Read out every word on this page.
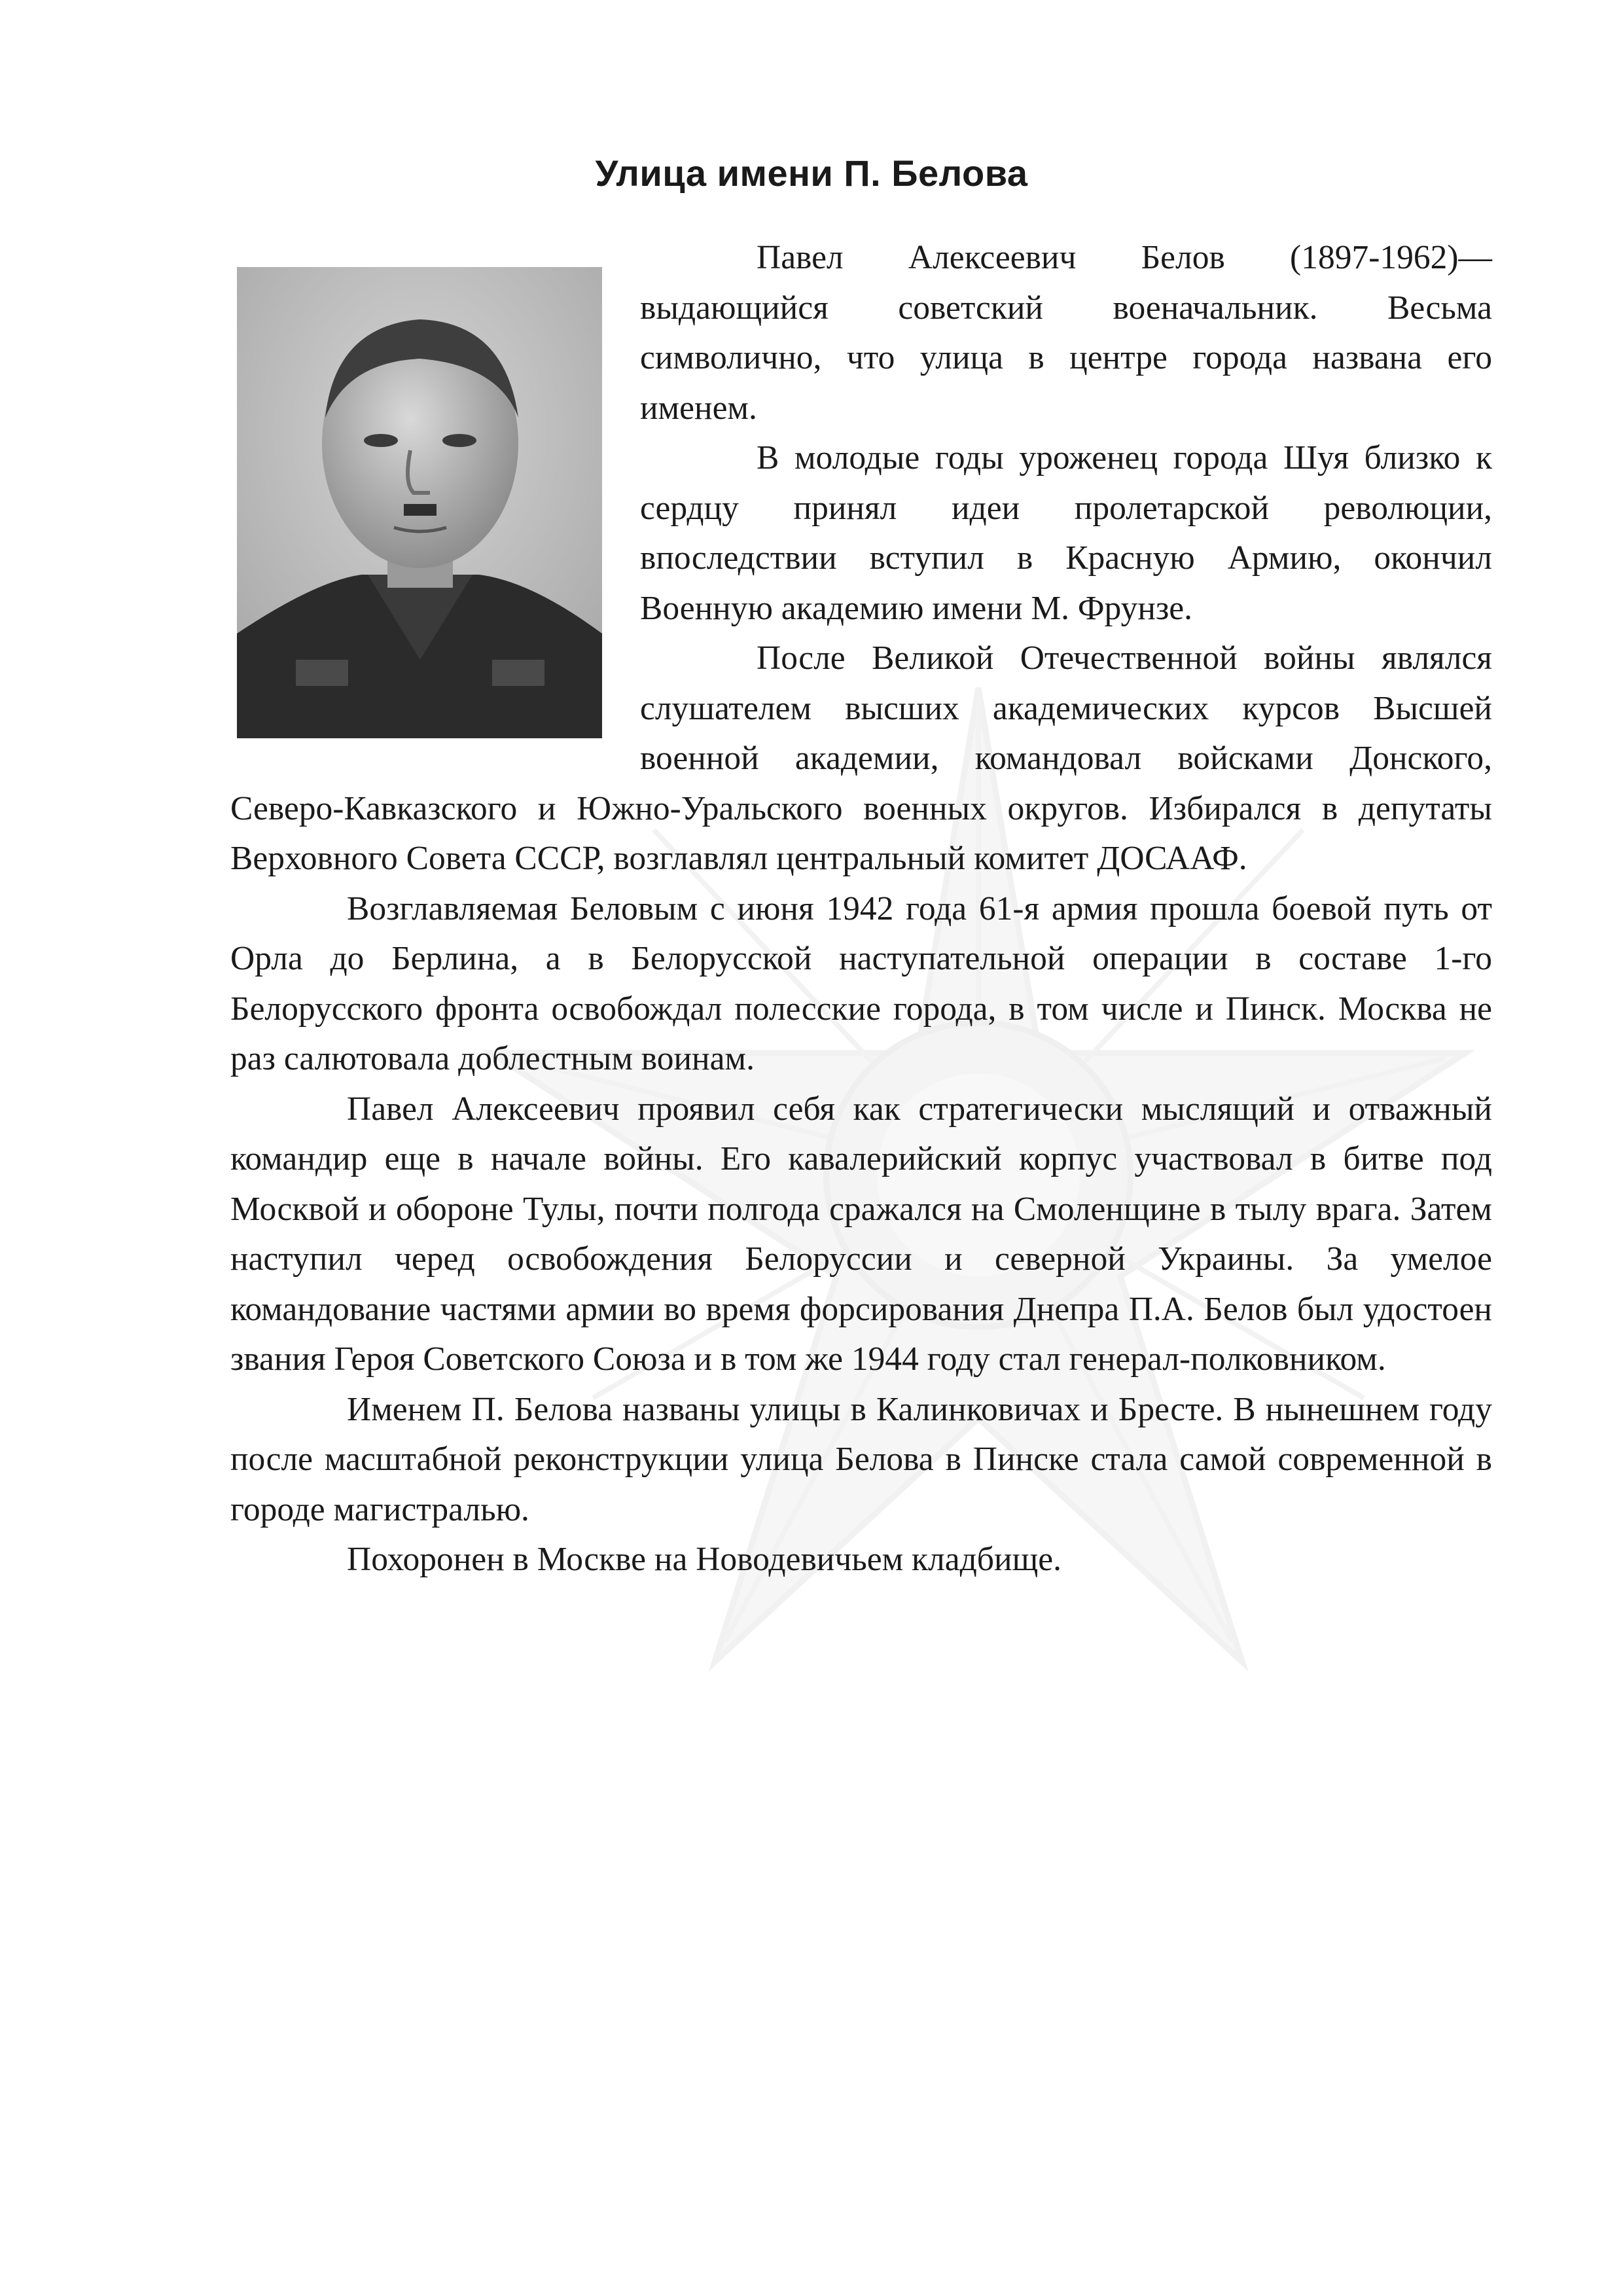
Улица имени П. Белова

Павел Алексеевич Белов (1897-1962)— выдающийся советский военачальник. Весьма символично, что улица в центре города названа его именем.

В молодые годы уроженец города Шуя близко к сердцу принял идеи пролетарской революции, впоследствии вступил в Красную Армию, окончил Военную академию имени М. Фрунзе.

После Великой Отечественной войны являлся слушателем высших академических курсов Высшей военной академии, командовал войсками Донского, Северо-Кавказского и Южно-Уральского военных округов. Избирался в депутаты Верховного Совета СССР, возглавлял центральный комитет ДОСААФ.

Возглавляемая Беловым с июня 1942 года 61-я армия прошла боевой путь от Орла до Берлина, а в Белорусской наступательной операции в составе 1-го Белорусского фронта освобождал полесские города, в том числе и Пинск. Москва не раз салютовала доблестным воинам.

Павел Алексеевич проявил себя как стратегически мыслящий и отважный командир еще в начале войны. Его кавалерийский корпус участвовал в битве под Москвой и обороне Тулы, почти полгода сражался на Смоленщине в тылу врага. Затем наступил черед освобождения Белоруссии и северной Украины. За умелое командование частями армии во время форсирования Днепра П.А. Белов был удостоен звания Героя Советского Союза и в том же 1944 году стал генерал-полковником.

Именем П. Белова названы улицы в Калинковичах и Бресте. В нынешнем году после масштабной реконструкции улица Белова в Пинске стала самой современной в городе магистралью.

Похоронен в Москве на Новодевичьем кладбище.
